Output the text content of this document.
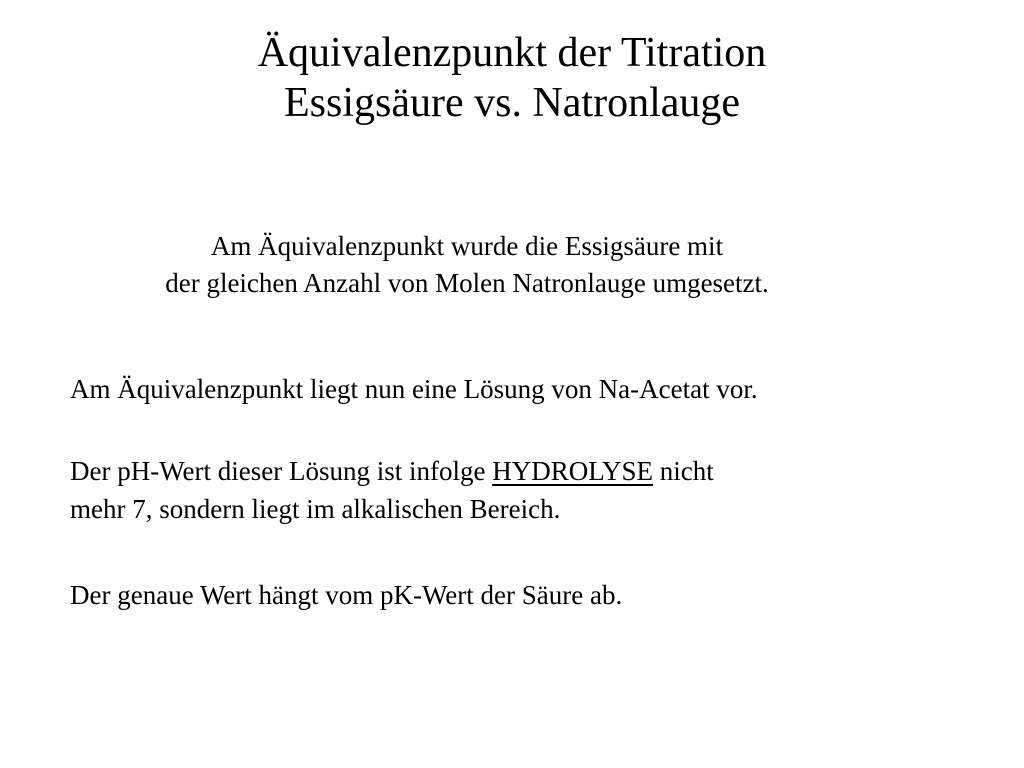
Äquivalenzpunkt der Titration
Essigsäure vs. Natronlauge
Am Äquivalenzpunkt wurde die Essigsäure mit
der gleichen Anzahl von Molen Natronlauge umgesetzt.
Am Äquivalenzpunkt liegt nun eine Lösung von Na-Acetat vor.
Der pH-Wert dieser Lösung ist infolge HYDROLYSE nicht
mehr 7, sondern liegt im alkalischen Bereich.
Der genaue Wert hängt vom pK-Wert der Säure ab.
